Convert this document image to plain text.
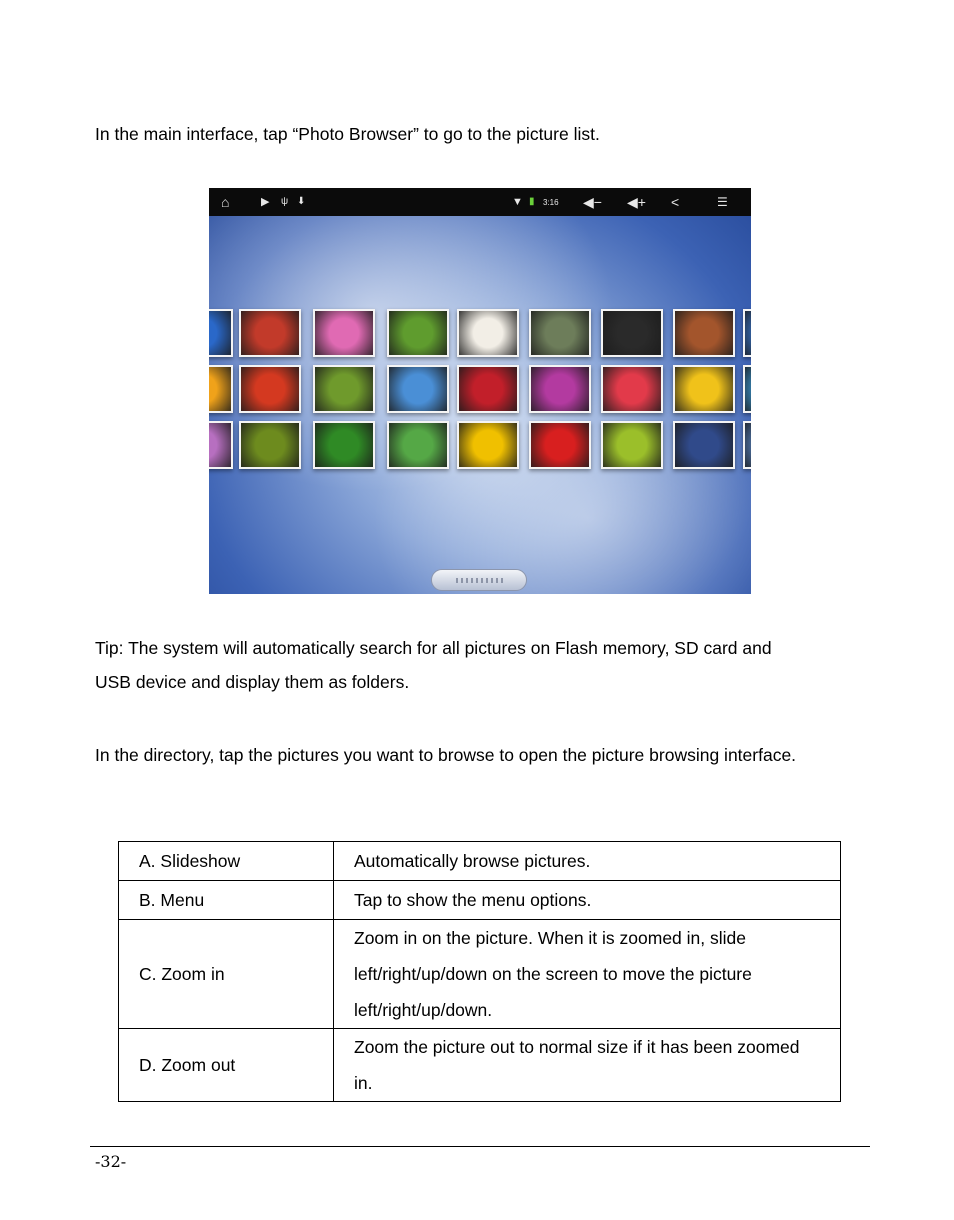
In the main interface, tap “Photo Browser” to go to the picture list.

⌂	▶ ψ ⬇	▼ ▮ 3:16 ◀− ◀+ <	☰

Tip: The system will automatically search for all pictures on Flash memory, SD card and USB device and display them as folders.

In the directory, tap the pictures you want to browse to open the picture browsing interface.

A. Slideshow	Automatically browse pictures.
B. Menu	Tap to show the menu options.
C. Zoom in	Zoom in on the picture. When it is zoomed in, slide left/right/up/down on the screen to move the picture left/right/up/down.
D. Zoom out	Zoom the picture out to normal size if it has been zoomed in.
-32-
